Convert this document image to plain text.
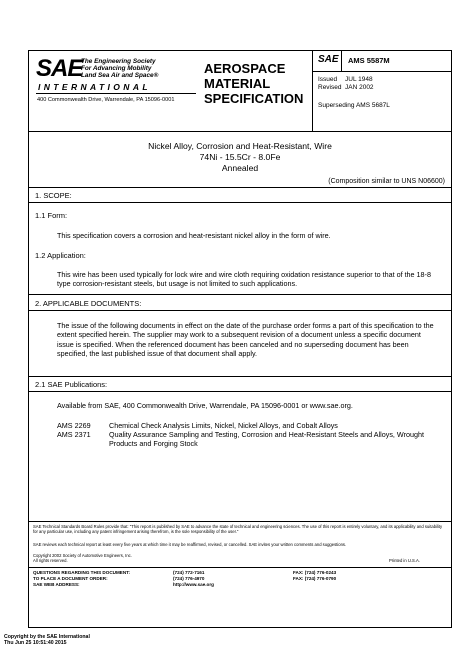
SAE
The Engineering Society
For Advancing Mobility
Land Sea Air and Space®
INTERNATIONAL
400 Commonwealth Drive, Warrendale, PA 15096-0001
AEROSPACE
MATERIAL
SPECIFICATION
SAE AMS 5587M
Issued JUL 1948
Revised JAN 2002
Superseding AMS 5687L
Nickel Alloy, Corrosion and Heat-Resistant, Wire
74Ni - 15.5Cr - 8.0Fe
Annealed
(Composition similar to UNS N06600)
1. SCOPE:
1.1 Form:
This specification covers a corrosion and heat-resistant nickel alloy in the form of wire.
1.2 Application:
This wire has been used typically for lock wire and wire cloth requiring oxidation resistance superior to that of the 18-8 type corrosion-resistant steels, but usage is not limited to such applications.
2. APPLICABLE DOCUMENTS:
The issue of the following documents in effect on the date of the purchase order forms a part of this specification to the extent specified herein. The supplier may work to a subsequent revision of a document unless a specific document issue is specified. When the referenced document has been canceled and no superseding document has been specified, the last published issue of that document shall apply.
2.1 SAE Publications:
Available from SAE, 400 Commonwealth Drive, Warrendale, PA 15096-0001 or www.sae.org.
AMS 2269	Chemical Check Analysis Limits, Nickel, Nickel Alloys, and Cobalt Alloys
AMS 2371	Quality Assurance Sampling and Testing, Corrosion and Heat-Resistant Steels and Alloys, Wrought Products and Forging Stock
SAE Technical Standards Board Rules provide that: "This report is published by SAE to advance the state of technical and engineering sciences. The use of this report is entirely voluntary, and its applicability and suitability for any particular use, including any patent infringement arising therefrom, is the sole responsibility of the user."
SAE reviews each technical report at least every five years at which time it may be reaffirmed, revised, or cancelled. SAE invites your written comments and suggestions.
Copyright 2002 Society of Automotive Engineers, Inc.
All rights reserved.	Printed in U.S.A.
QUESTIONS REGARDING THIS DOCUMENT:	(724) 772-7161	FAX: (724) 776-0243
TO PLACE A DOCUMENT ORDER:	(724) 776-4970	FAX: (724) 776-0790
SAE WEB ADDRESS:	http://www.sae.org
Copyright by the SAE International
Thu Jun 25 10:51:40 2015
